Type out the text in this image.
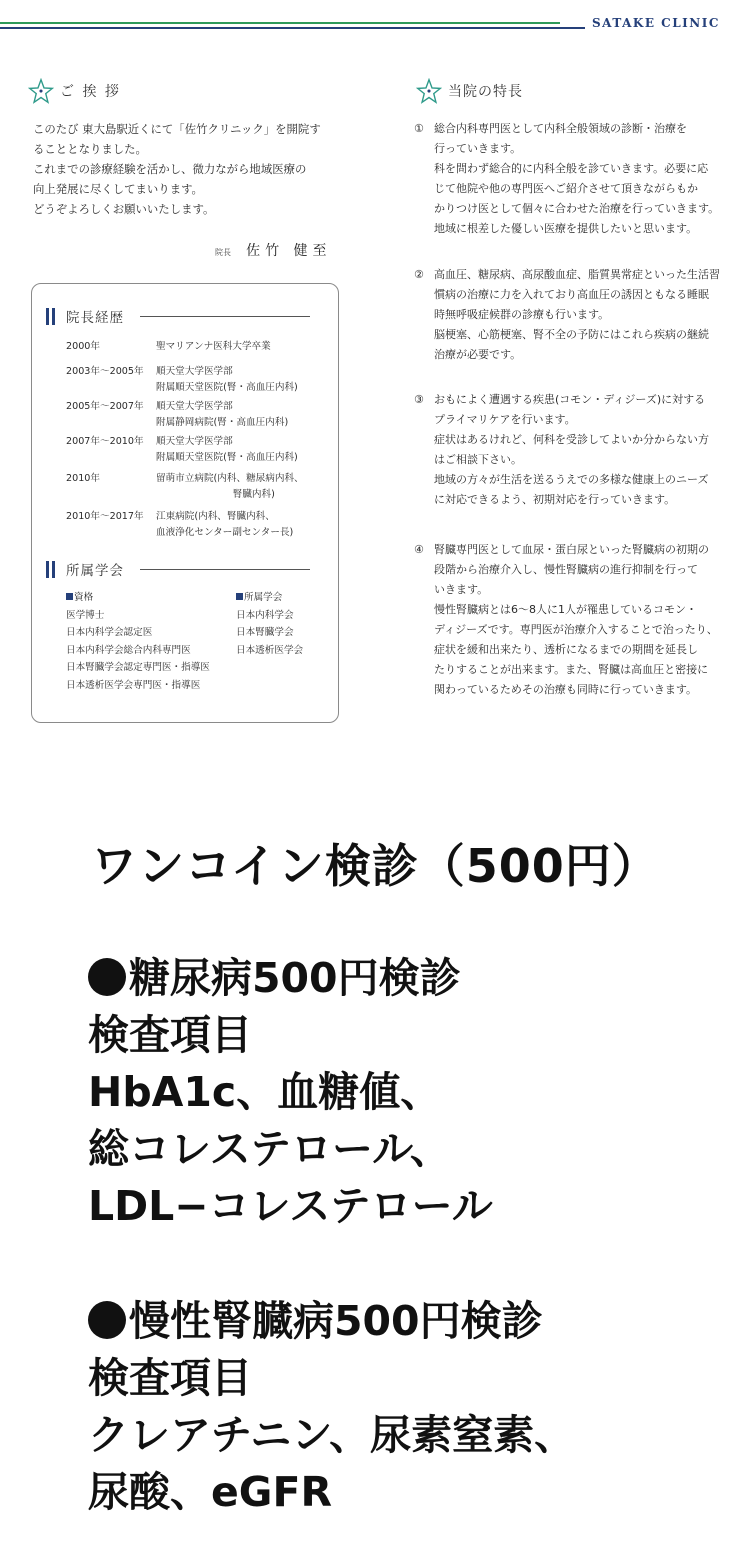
SATAKE CLINIC
ご 挨 拶

このたび 東大島駅近くにて「佐竹クリニック」を開院す

ることとなりました。

これまでの診療経験を活かし、微力ながら地域医療の

向上発展に尽くしてまいります。

どうぞよろしくお願いいたします。

院長 佐竹 健至
院長経歴
2000年	聖マリアンナ医科大学卒業
2003年〜2005年	順天堂大学医学部
附属順天堂医院(腎・高血圧内科)
2005年〜2007年	順天堂大学医学部
附属静岡病院(腎・高血圧内科)
2007年〜2010年	順天堂大学医学部
附属順天堂医院(腎・高血圧内科)
2010年	留萌市立病院(内科、糖尿病内科、
　　　　　　　　腎臓内科)
2010年〜2017年	江東病院(内科、腎臓内科、
血液浄化センター副センター長)
所属学会
資格
医学博士
日本内科学会認定医
日本内科学会総合内科専門医
日本腎臓学会認定専門医・指導医
日本透析医学会専門医・指導医
所属学会
日本内科学会
日本腎臓学会
日本透析医学会
当院の特長
① 総合内科専門医として内科全般領域の診断・治療を
行っていきます。
科を問わず総合的に内科全般を診ていきます。必要に応
じて他院や他の専門医へご紹介させて頂きながらもか
かりつけ医として個々に合わせた治療を行っていきます。
地域に根差した優しい医療を提供したいと思います。
② 高血圧、糖尿病、高尿酸血症、脂質異常症といった生活習
慣病の治療に力を入れており高血圧の誘因ともなる睡眠
時無呼吸症候群の診療も行います。
脳梗塞、心筋梗塞、腎不全の予防にはこれら疾病の継続
治療が必要です。
③ おもによく遭遇する疾患(コモン・ディジーズ)に対する
プライマリケアを行います。
症状はあるけれど、何科を受診してよいか分からない方
はご相談下さい。
地域の方々が生活を送るうえでの多様な健康上のニーズ
に対応できるよう、初期対応を行っていきます。
④ 腎臓専門医として血尿・蛋白尿といった腎臓病の初期の
段階から治療介入し、慢性腎臓病の進行抑制を行って
いきます。
慢性腎臓病とは6〜8人に1人が罹患しているコモン・
ディジーズです。専門医が治療介入することで治ったり、
症状を緩和出来たり、透析になるまでの期間を延長し
たりすることが出来ます。また、腎臓は高血圧と密接に
関わっているためその治療も同時に行っていきます。
ワンコイン検診（500円）
糖尿病500円検診
検査項目
HbA1c、血糖値、
総コレステロール、
LDL−コレステロール
慢性腎臓病500円検診
検査項目
クレアチニン、尿素窒素、
尿酸、eGFR
